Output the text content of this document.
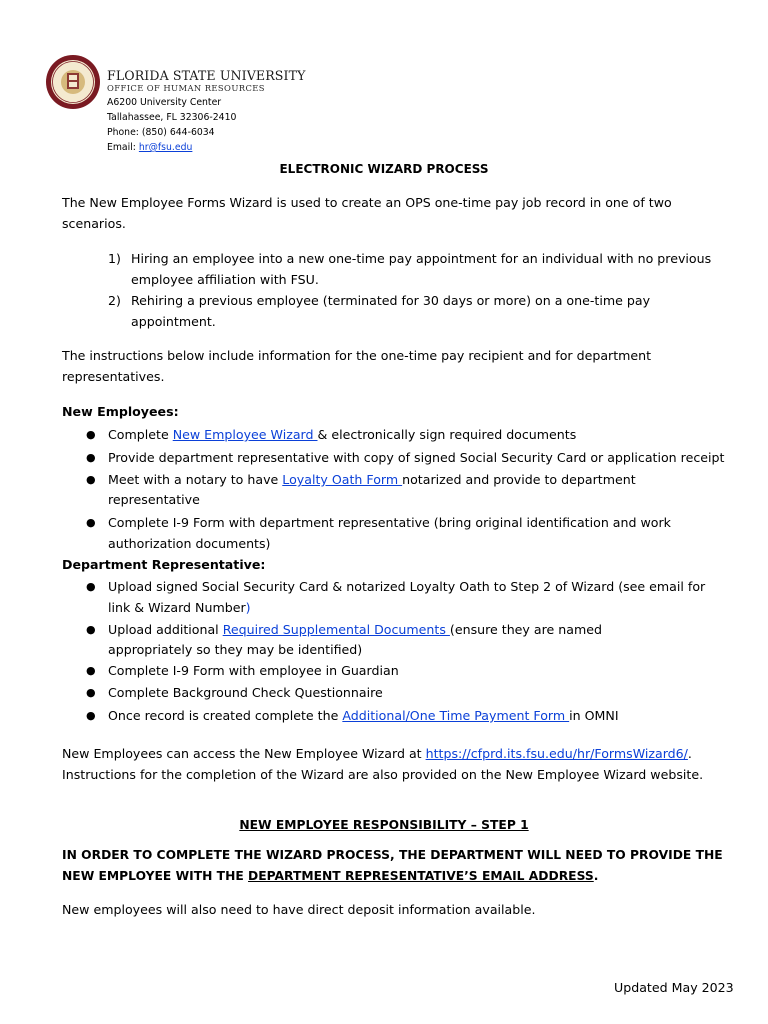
FLORIDA STATE UNIVERSITY
OFFICE OF HUMAN RESOURCES
A6200 University Center
Tallahassee, FL 32306-2410
Phone: (850) 644-6034
Email: hr@fsu.edu
ELECTRONIC WIZARD PROCESS
The New Employee Forms Wizard is used to create an OPS one-time pay job record in one of two
scenarios.
1) Hiring an employee into a new one-time pay appointment for an individual with no previous
employee affiliation with FSU.
2) Rehiring a previous employee (terminated for 30 days or more) on a one-time pay
appointment.
The instructions below include information for the one-time pay recipient and for department
representatives.
New Employees:
● Complete New Employee Wizard & electronically sign required documents
● Provide department representative with copy of signed Social Security Card or application receipt
● Meet with a notary to have Loyalty Oath Form notarized and provide to department
representative
● Complete I-9 Form with department representative (bring original identification and work
authorization documents)
Department Representative:
● Upload signed Social Security Card & notarized Loyalty Oath to Step 2 of Wizard (see email for
link & Wizard Number)
● Upload additional Required Supplemental Documents (ensure they are named
appropriately so they may be identified)
● Complete I-9 Form with employee in Guardian
● Complete Background Check Questionnaire
● Once record is created complete the Additional/One Time Payment Form in OMNI
New Employees can access the New Employee Wizard at https://cfprd.its.fsu.edu/hr/FormsWizard6/.
Instructions for the completion of the Wizard are also provided on the New Employee Wizard website.
NEW EMPLOYEE RESPONSIBILITY – STEP 1
IN ORDER TO COMPLETE THE WIZARD PROCESS, THE DEPARTMENT WILL NEED TO PROVIDE THE
NEW EMPLOYEE WITH THE DEPARTMENT REPRESENTATIVE’S EMAIL ADDRESS.
New employees will also need to have direct deposit information available.
Updated May 2023
